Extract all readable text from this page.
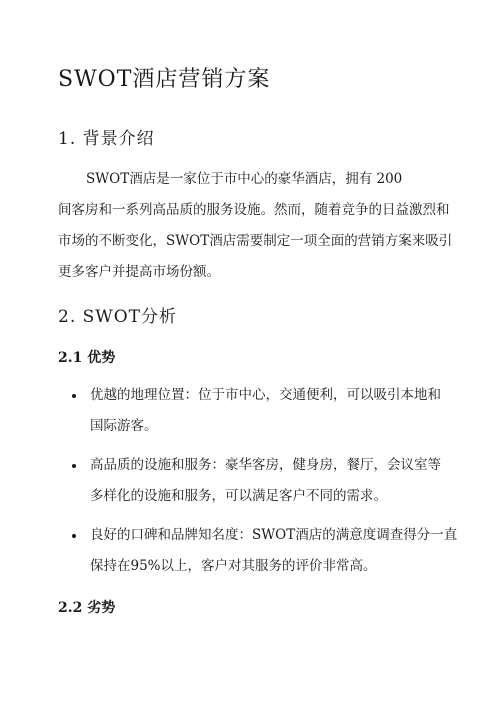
SWOT酒店营销方案
1. 背景介绍
SWOT酒店是一家位于市中心的豪华酒店，拥有 200
间客房和一系列高品质的服务设施。然而，随着竞争的日益激烈和
市场的不断变化，SWOT酒店需要制定一项全面的营销方案来吸引
更多客户并提高市场份额。
2. SWOT分析
2.1 优势
优越的地理位置：位于市中心，交通便利，可以吸引本地和
国际游客。
高品质的设施和服务：豪华客房，健身房，餐厅，会议室等
多样化的设施和服务，可以满足客户不同的需求。
良好的口碑和品牌知名度：SWOT酒店的满意度调查得分一直
保持在95%以上，客户对其服务的评价非常高。
2.2 劣势
